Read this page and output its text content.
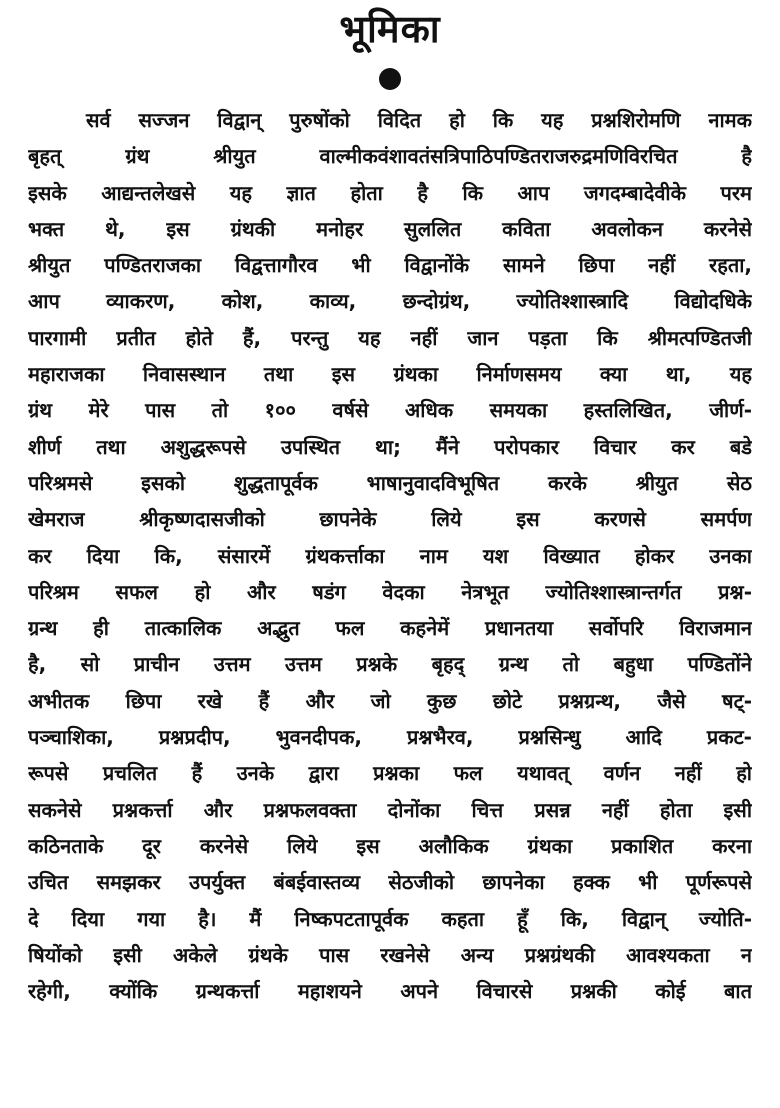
भूमिका
सर्व सज्जन विद्वान् पुरुषोंको विदित हो कि यह प्रश्नशिरोमणि नामक
बृहत् ग्रंथ श्रीयुत वाल्मीकवंशावतंसत्रिपाठिपण्डितराजरुद्रमणिविरचित है
इसके आद्यन्तलेखसे यह ज्ञात होता है कि आप जगदम्बादेवीके परम
भक्त थे, इस ग्रंथकी मनोहर सुललित कविता अवलोकन करनेसे
श्रीयुत पण्डितराजका विद्वत्तागौरव भी विद्वानोंके सामने छिपा नहीं रहता,
आप व्याकरण, कोश, काव्य, छन्दोग्रंथ, ज्योतिश्शास्त्रादि विद्योदधिके
पारगामी प्रतीत होते हैं, परन्तु यह नहीं जान पड़ता कि श्रीमत्पण्डितजी
महाराजका निवासस्थान तथा इस ग्रंथका निर्माणसमय क्या था, यह
ग्रंथ मेरे पास तो १०० वर्षसे अधिक समयका हस्तलिखित, जीर्ण-
शीर्ण तथा अशुद्धरूपसे उपस्थित था; मैंने परोपकार विचार कर बडे
परिश्रमसे इसको शुद्धतापूर्वक भाषानुवादविभूषित करके श्रीयुत सेठ
खेमराज श्रीकृष्णदासजीको छापनेके लिये इस करणसे समर्पण
कर दिया कि, संसारमें ग्रंथकर्त्ताका नाम यश विख्यात होकर उनका
परिश्रम सफल हो और षडंग वेदका नेत्रभूत ज्योतिश्शास्त्रान्तर्गत प्रश्न-
ग्रन्थ ही तात्कालिक अद्भुत फल कहनेमें प्रधानतया सर्वोपरि विराजमान
है, सो प्राचीन उत्तम उत्तम प्रश्नके बृहद् ग्रन्थ तो बहुधा पण्डितोंने
अभीतक छिपा रखे हैं और जो कुछ छोटे प्रश्नग्रन्थ, जैसे षट्-
पञ्चाशिका, प्रश्नप्रदीप, भुवनदीपक, प्रश्नभैरव, प्रश्नसिन्धु आदि प्रकट-
रूपसे प्रचलित हैं उनके द्वारा प्रश्नका फल यथावत् वर्णन नहीं हो
सकनेसे प्रश्नकर्त्ता और प्रश्नफलवक्ता दोनोंका चित्त प्रसन्न नहीं होता इसी
कठिनताके दूर करनेसे लिये इस अलौकिक ग्रंथका प्रकाशित करना
उचित समझकर उपर्युक्त बंबईवास्तव्य सेठजीको छापनेका हक्क भी पूर्णरूपसे
दे दिया गया है। मैं निष्कपटतापूर्वक कहता हूँ कि, विद्वान् ज्योति-
षियोंको इसी अकेले ग्रंथके पास रखनेसे अन्य प्रश्नग्रंथकी आवश्यकता न
रहेगी, क्योंकि ग्रन्थकर्त्ता महाशयने अपने विचारसे प्रश्नकी कोई बात
